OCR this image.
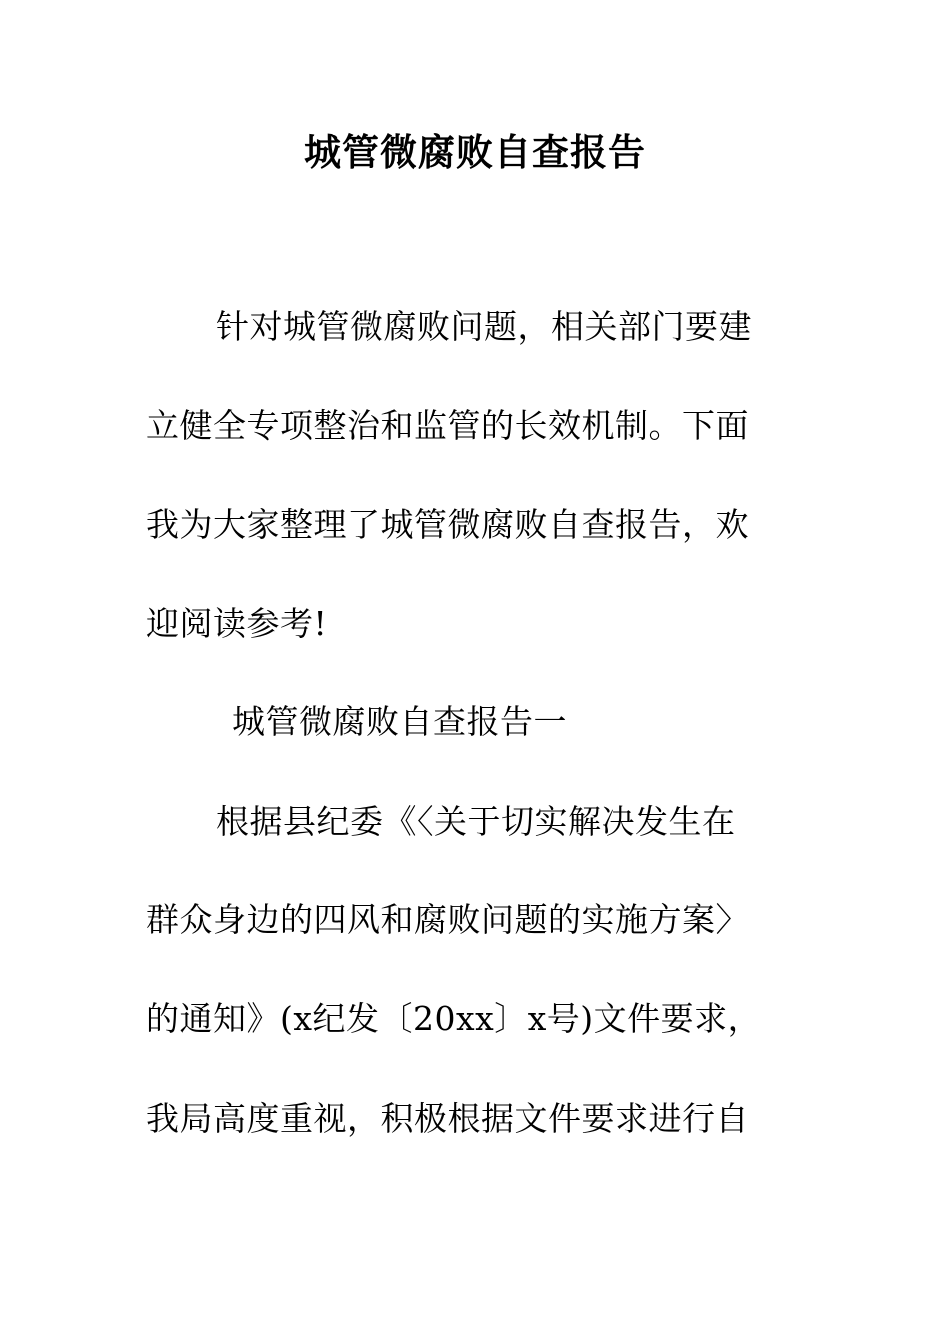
城管微腐败自查报告
针对城管微腐败问题，相关部门要建
立健全专项整治和监管的长效机制。下面
我为大家整理了城管微腐败自查报告，欢
迎阅读参考!
城管微腐败自查报告一
根据县纪委《〈关于切实解决发生在
群众身边的四风和腐败问题的实施方案〉
的通知》(x纪发〔20xx〕x号)文件要求，
我局高度重视，积极根据文件要求进行自
